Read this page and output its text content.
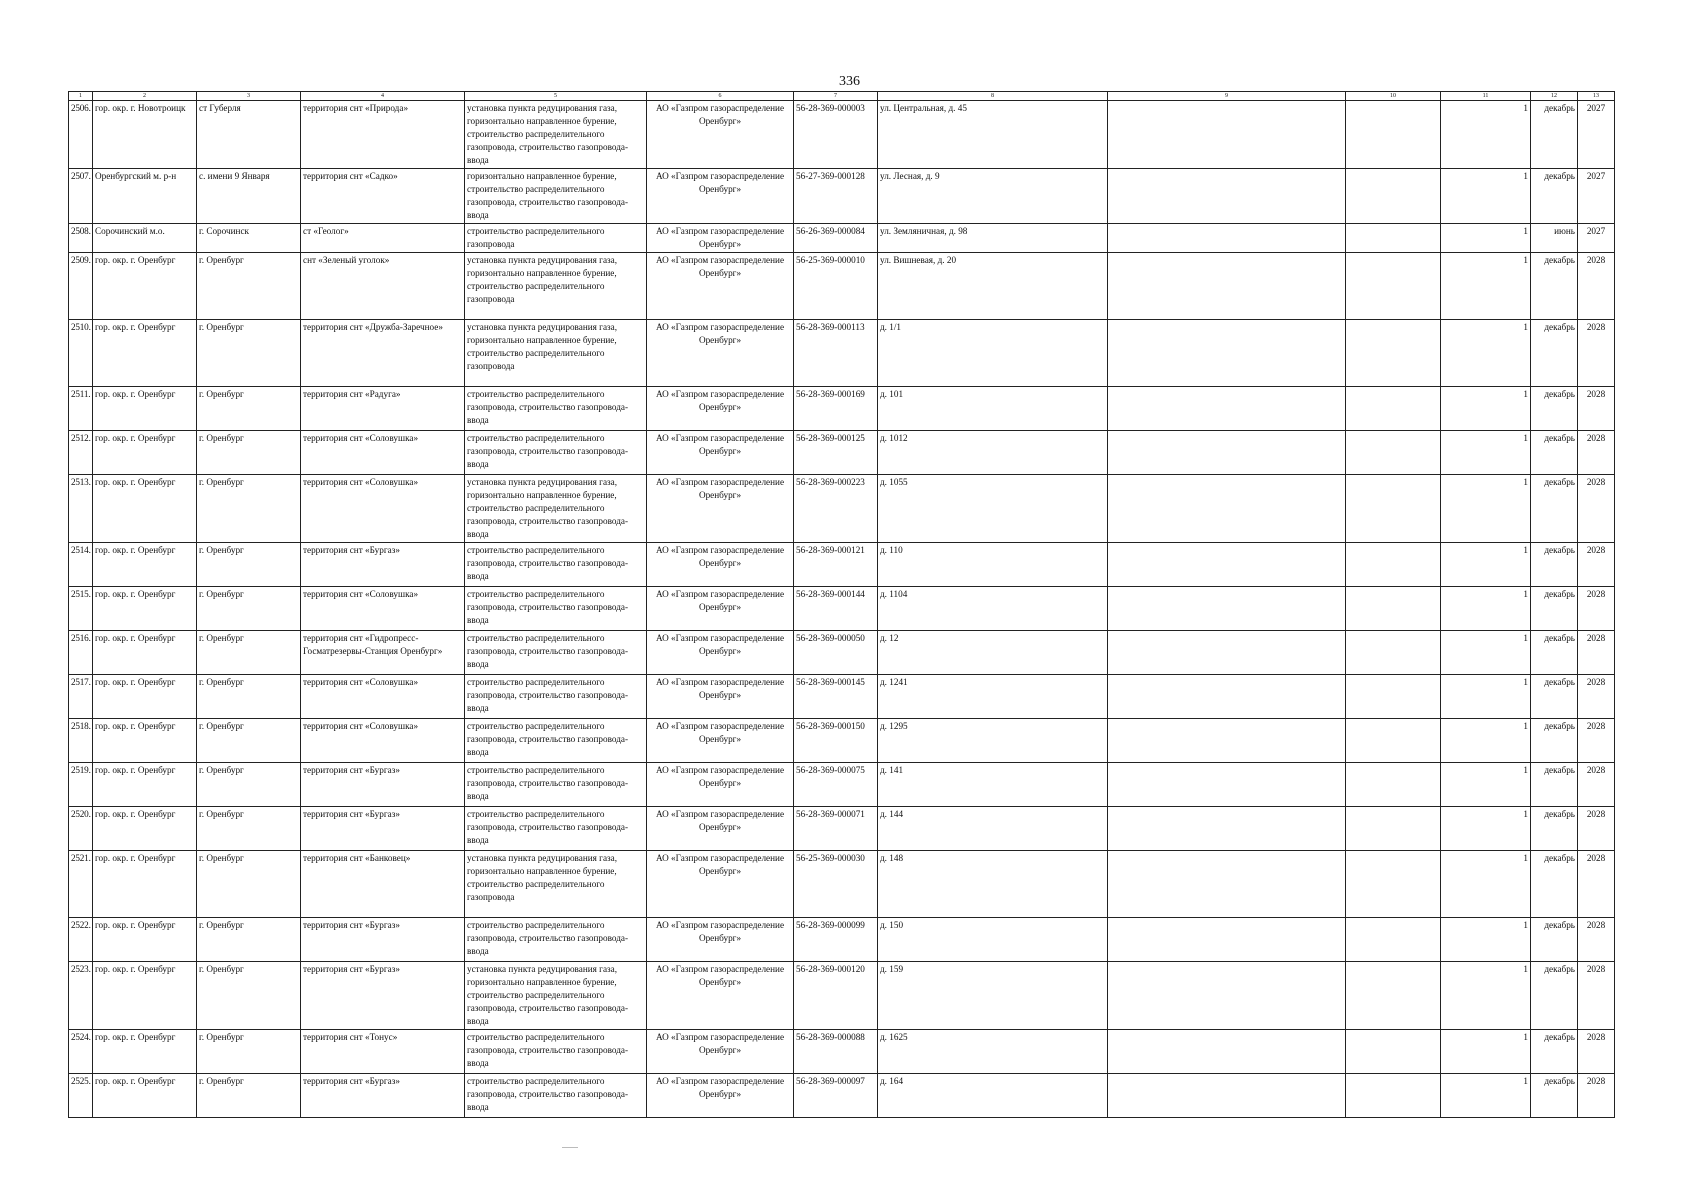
336
1	2	3	4	5	6	7	8	9	10	11	12	13
2506.	гор. окр. г. Новотроицк	ст Губерля	территория снт «Природа»	установка пункта редуцирования газа, горизонтально направленное бурение, строительство распределительного газопровода, строительство газопровода-ввода	АО «Газпром газораспределение Оренбург»	56-28-369-000003	ул. Центральная, д. 45			1	декабрь	2027
2507.	Оренбургский м. р-н	с. имени 9 Января	территория снт «Садко»	горизонтально направленное бурение, строительство распределительного газопровода, строительство газопровода-ввода	АО «Газпром газораспределение Оренбург»	56-27-369-000128	ул. Лесная, д. 9			1	декабрь	2027
2508.	Сорочинский м.о.	г. Сорочинск	ст «Геолог»	строительство распределительного газопровода	АО «Газпром газораспределение Оренбург»	56-26-369-000084	ул. Земляничная, д. 98			1	июнь	2027
2509.	гор. окр. г. Оренбург	г. Оренбург	снт «Зеленый уголок»	установка пункта редуцирования газа, горизонтально направленное бурение, строительство распределительного газопровода	АО «Газпром газораспределение Оренбург»	56-25-369-000010	ул. Вишневая, д. 20			1	декабрь	2028
2510.	гор. окр. г. Оренбург	г. Оренбург	территория снт «Дружба-Заречное»	установка пункта редуцирования газа, горизонтально направленное бурение, строительство распределительного газопровода	АО «Газпром газораспределение Оренбург»	56-28-369-000113	д. 1/1			1	декабрь	2028
2511.	гор. окр. г. Оренбург	г. Оренбург	территория снт «Радуга»	строительство распределительного газопровода, строительство газопровода-ввода	АО «Газпром газораспределение Оренбург»	56-28-369-000169	д. 101			1	декабрь	2028
2512.	гор. окр. г. Оренбург	г. Оренбург	территория снт «Соловушка»	строительство распределительного газопровода, строительство газопровода-ввода	АО «Газпром газораспределение Оренбург»	56-28-369-000125	д. 1012			1	декабрь	2028
2513.	гор. окр. г. Оренбург	г. Оренбург	территория снт «Соловушка»	установка пункта редуцирования газа, горизонтально направленное бурение, строительство распределительного газопровода, строительство газопровода-ввода	АО «Газпром газораспределение Оренбург»	56-28-369-000223	д. 1055			1	декабрь	2028
2514.	гор. окр. г. Оренбург	г. Оренбург	территория снт «Бургаз»	строительство распределительного газопровода, строительство газопровода-ввода	АО «Газпром газораспределение Оренбург»	56-28-369-000121	д. 110			1	декабрь	2028
2515.	гор. окр. г. Оренбург	г. Оренбург	территория снт «Соловушка»	строительство распределительного газопровода, строительство газопровода-ввода	АО «Газпром газораспределение Оренбург»	56-28-369-000144	д. 1104			1	декабрь	2028
2516.	гор. окр. г. Оренбург	г. Оренбург	территория снт «Гидропресс-Госматрезервы-Станция Оренбург»	строительство распределительного газопровода, строительство газопровода-ввода	АО «Газпром газораспределение Оренбург»	56-28-369-000050	д. 12			1	декабрь	2028
2517.	гор. окр. г. Оренбург	г. Оренбург	территория снт «Соловушка»	строительство распределительного газопровода, строительство газопровода-ввода	АО «Газпром газораспределение Оренбург»	56-28-369-000145	д. 1241			1	декабрь	2028
2518.	гор. окр. г. Оренбург	г. Оренбург	территория снт «Соловушка»	строительство распределительного газопровода, строительство газопровода-ввода	АО «Газпром газораспределение Оренбург»	56-28-369-000150	д. 1295			1	декабрь	2028
2519.	гор. окр. г. Оренбург	г. Оренбург	территория снт «Бургаз»	строительство распределительного газопровода, строительство газопровода-ввода	АО «Газпром газораспределение Оренбург»	56-28-369-000075	д. 141			1	декабрь	2028
2520.	гор. окр. г. Оренбург	г. Оренбург	территория снт «Бургаз»	строительство распределительного газопровода, строительство газопровода-ввода	АО «Газпром газораспределение Оренбург»	56-28-369-000071	д. 144			1	декабрь	2028
2521.	гор. окр. г. Оренбург	г. Оренбург	территория снт «Банковец»	установка пункта редуцирования газа, горизонтально направленное бурение, строительство распределительного газопровода	АО «Газпром газораспределение Оренбург»	56-25-369-000030	д. 148			1	декабрь	2028
2522.	гор. окр. г. Оренбург	г. Оренбург	территория снт «Бургаз»	строительство распределительного газопровода, строительство газопровода-ввода	АО «Газпром газораспределение Оренбург»	56-28-369-000099	д. 150			1	декабрь	2028
2523.	гор. окр. г. Оренбург	г. Оренбург	территория снт «Бургаз»	установка пункта редуцирования газа, горизонтально направленное бурение, строительство распределительного газопровода, строительство газопровода-ввода	АО «Газпром газораспределение Оренбург»	56-28-369-000120	д. 159			1	декабрь	2028
2524.	гор. окр. г. Оренбург	г. Оренбург	территория снт «Тонус»	строительство распределительного газопровода, строительство газопровода-ввода	АО «Газпром газораспределение Оренбург»	56-28-369-000088	д. 1625			1	декабрь	2028
2525.	гор. окр. г. Оренбург	г. Оренбург	территория снт «Бургаз»	строительство распределительного газопровода, строительство газопровода-ввода	АО «Газпром газораспределение Оренбург»	56-28-369-000097	д. 164			1	декабрь	2028
